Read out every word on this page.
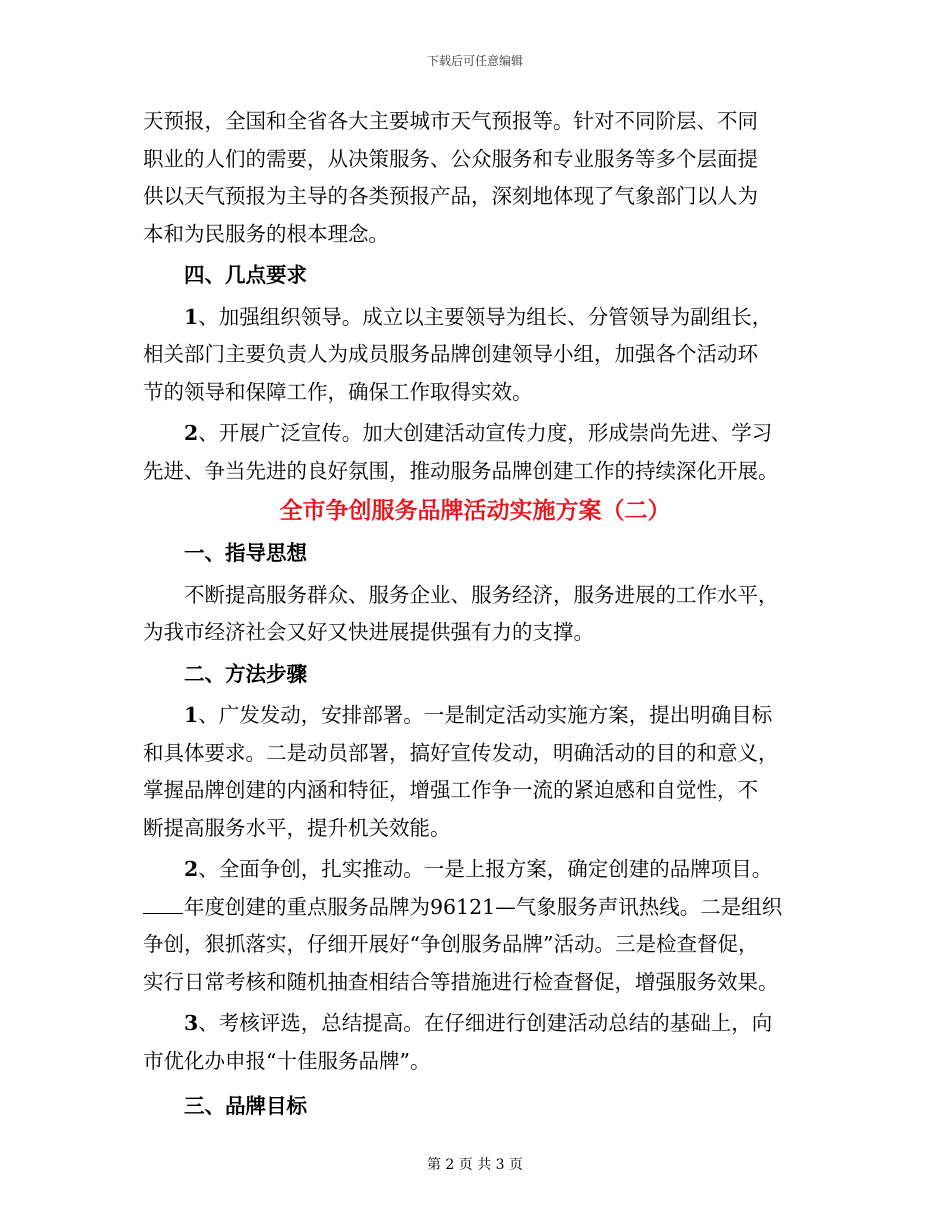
下载后可任意编辑
天预报，全国和全省各大主要城市天气预报等。针对不同阶层、不同
职业的人们的需要，从决策服务、公众服务和专业服务等多个层面提
供以天气预报为主导的各类预报产品，深刻地体现了气象部门以人为
本和为民服务的根本理念。
四、几点要求
1、加强组织领导。成立以主要领导为组长、分管领导为副组长，
相关部门主要负责人为成员服务品牌创建领导小组，加强各个活动环
节的领导和保障工作，确保工作取得实效。
2、开展广泛宣传。加大创建活动宣传力度，形成崇尚先进、学习
先进、争当先进的良好氛围，推动服务品牌创建工作的持续深化开展。
全市争创服务品牌活动实施方案（二）
一、指导思想
不断提高服务群众、服务企业、服务经济，服务进展的工作水平，
为我市经济社会又好又快进展提供强有力的支撑。
二、方法步骤
1、广发发动，安排部署。一是制定活动实施方案，提出明确目标
和具体要求。二是动员部署，搞好宣传发动，明确活动的目的和意义，
掌握品牌创建的内涵和特征，增强工作争一流的紧迫感和自觉性，不
断提高服务水平，提升机关效能。
2、全面争创，扎实推动。一是上报方案，确定创建的品牌项目。
年度创建的重点服务品牌为96121—气象服务声讯热线。二是组织
争创，狠抓落实，仔细开展好“争创服务品牌”活动。三是检查督促，
实行日常考核和随机抽查相结合等措施进行检查督促，增强服务效果。
3、考核评选，总结提高。在仔细进行创建活动总结的基础上，向
市优化办申报“十佳服务品牌”。
三、品牌目标
第 2 页 共 3 页
